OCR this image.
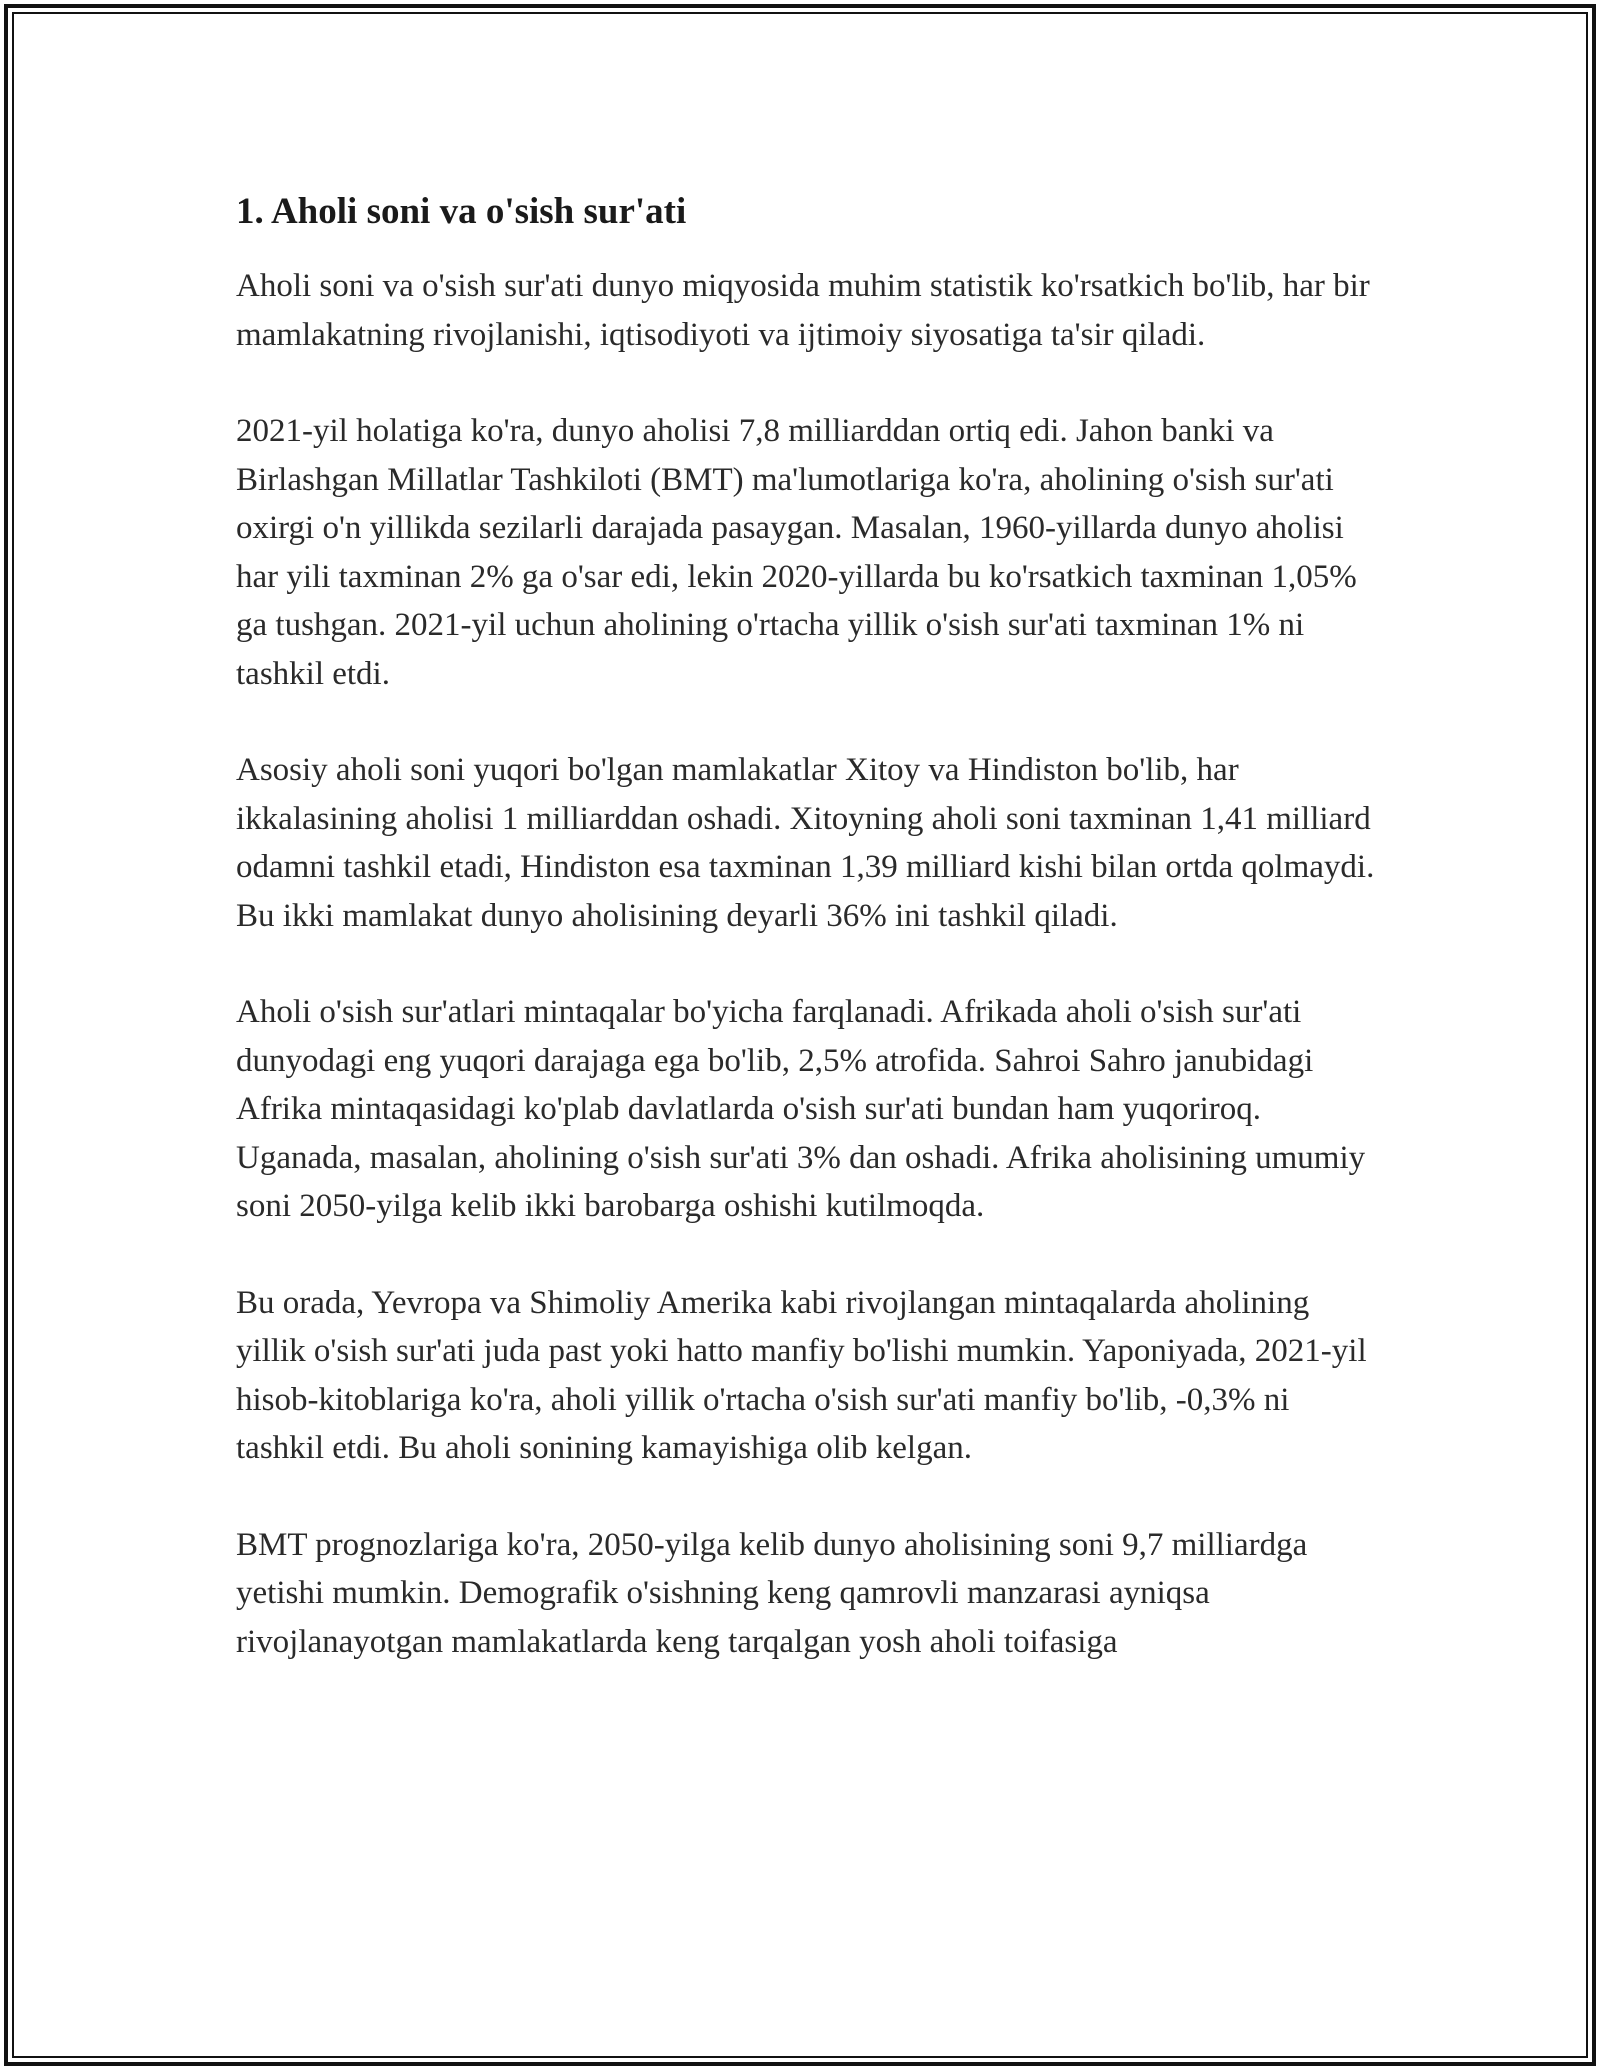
1. Aholi soni va o'sish sur'ati

Aholi soni va o'sish sur'ati dunyo miqyosida muhim statistik ko'rsatkich bo'lib, har bir mamlakatning rivojlanishi, iqtisodiyoti va ijtimoiy siyosatiga ta'sir qiladi.

2021-yil holatiga ko'ra, dunyo aholisi 7,8 milliarddan ortiq edi. Jahon banki va Birlashgan Millatlar Tashkiloti (BMT) ma'lumotlariga ko'ra, aholining o'sish sur'ati oxirgi o'n yillikda sezilarli darajada pasaygan. Masalan, 1960-yillarda dunyo aholisi har yili taxminan 2% ga o'sar edi, lekin 2020-yillarda bu ko'rsatkich taxminan 1,05% ga tushgan. 2021-yil uchun aholining o'rtacha yillik o'sish sur'ati taxminan 1% ni tashkil etdi.

Asosiy aholi soni yuqori bo'lgan mamlakatlar Xitoy va Hindiston bo'lib, har ikkalasining aholisi 1 milliarddan oshadi. Xitoyning aholi soni taxminan 1,41 milliard odamni tashkil etadi, Hindiston esa taxminan 1,39 milliard kishi bilan ortda qolmaydi. Bu ikki mamlakat dunyo aholisining deyarli 36% ini tashkil qiladi.

Aholi o'sish sur'atlari mintaqalar bo'yicha farqlanadi. Afrikada aholi o'sish sur'ati dunyodagi eng yuqori darajaga ega bo'lib, 2,5% atrofida. Sahroi Sahro janubidagi Afrika mintaqasidagi ko'plab davlatlarda o'sish sur'ati bundan ham yuqoriroq. Uganada, masalan, aholining o'sish sur'ati 3% dan oshadi. Afrika aholisining umumiy soni 2050-yilga kelib ikki barobarga oshishi kutilmoqda.

Bu orada, Yevropa va Shimoliy Amerika kabi rivojlangan mintaqalarda aholining yillik o'sish sur'ati juda past yoki hatto manfiy bo'lishi mumkin. Yaponiyada, 2021-yil hisob-kitoblariga ko'ra, aholi yillik o'rtacha o'sish sur'ati manfiy bo'lib, -0,3% ni tashkil etdi. Bu aholi sonining kamayishiga olib kelgan.

BMT prognozlariga ko'ra, 2050-yilga kelib dunyo aholisining soni 9,7 milliardga yetishi mumkin. Demografik o'sishning keng qamrovli manzarasi ayniqsa rivojlanayotgan mamlakatlarda keng tarqalgan yosh aholi toifasiga
